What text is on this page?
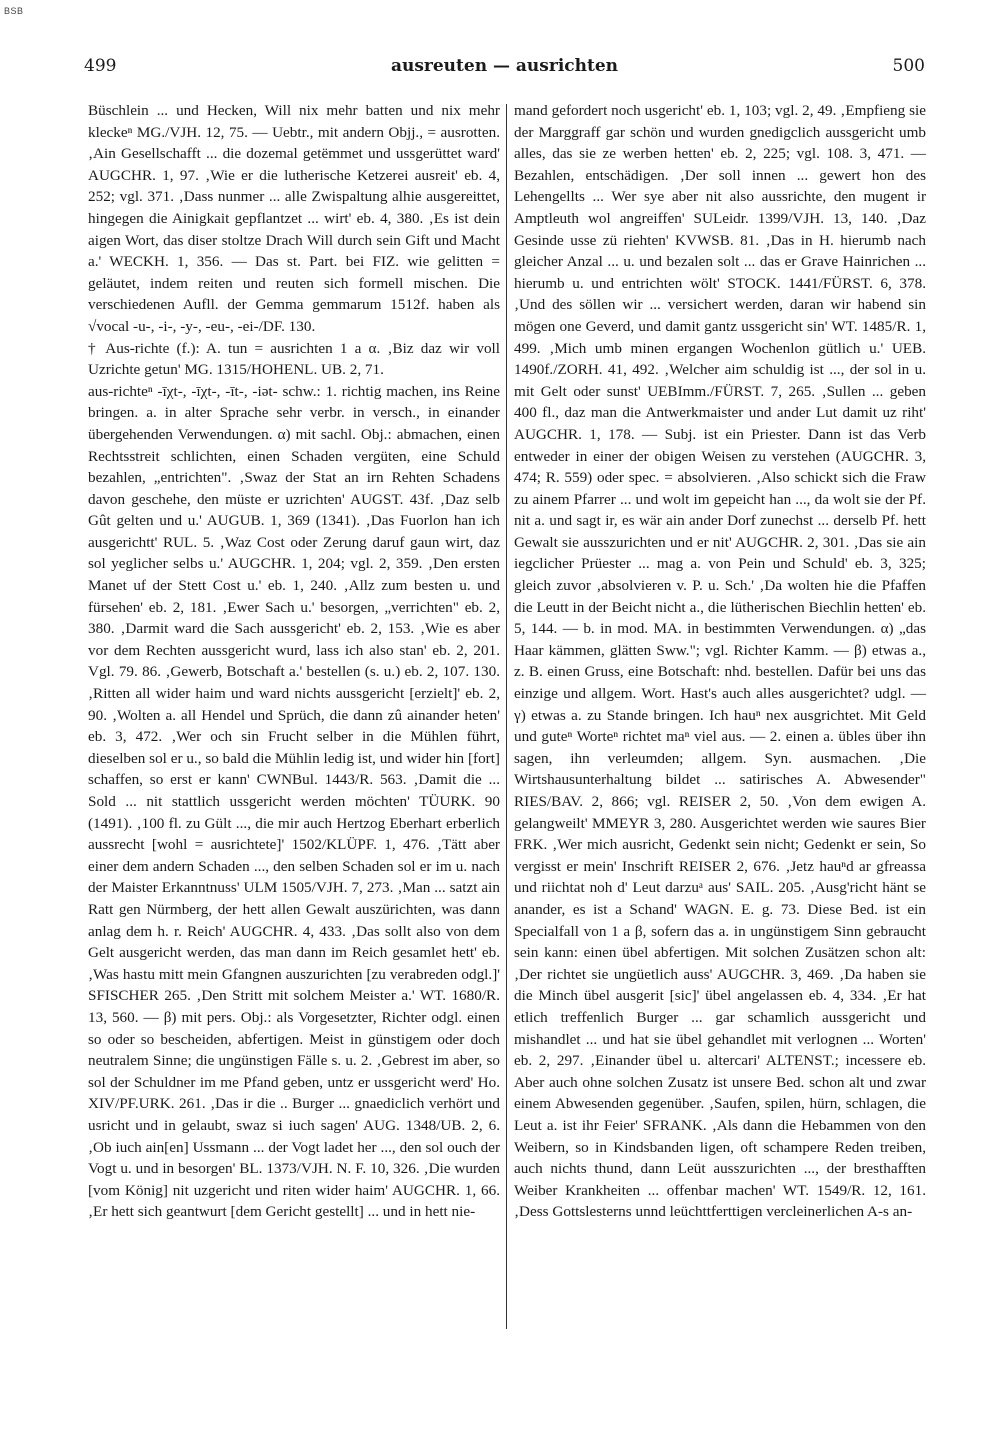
BSB
499	ausreuten — ausrichten	500

Büschlein ... und Hecken, Will nix mehr batten und nix mehr kleckeⁿ MG./VJH. 12, 75. — Uebtr., mit andern Objj., = ausrotten. ‚Ain Gesellschafft ... die dozemal getëmmet und ussgerüttet ward' AUGCHR. 1, 97. ‚Wie er die lutherische Ketzerei ausreit' eb. 4, 252; vgl. 371. ‚Dass nunmer ... alle Zwispaltung alhie ausgereittet, hingegen die Ainigkait gepflantzet ... wirt' eb. 4, 380. ‚Es ist dein aigen Wort, das diser stoltze Drach Will durch sein Gift und Macht a.' WECKH. 1, 356. — Das st. Part. bei FIZ. wie gelitten = geläutet, indem reiten und reuten sich formell mischen. Die verschiedenen Aufll. der Gemma gemmarum 1512f. haben als √vocal -u-, -i-, -y-, -eu-, -ei-/DF. 130.

† Aus-richte (f.): A. tun = ausrichten 1 a α. ‚Biz daz wir voll Uzrichte getun' MG. 1315/HOHENL. UB. 2, 71.

aus-richteⁿ -īχt-, -īχt-, -īt-, -iət- schw.: 1. richtig machen, ins Reine bringen. a. in alter Sprache sehr verbr. in versch., in einander übergehenden Verwendungen. α) mit sachl. Obj.: abmachen, einen Rechtsstreit schlichten, einen Schaden vergüten, eine Schuld bezahlen, „entrichten". ‚Swaz der Stat an irn Rehten Schadens davon geschehe, den müste er uzrichten' AUGST. 43f. ‚Daz selb Gût gelten und u.' AUGUB. 1, 369 (1341). ‚Das Fuorlon han ich ausgerichtt' RUL. 5. ‚Waz Cost oder Zerung daruf gaun wirt, daz sol yeglicher selbs u.' AUGCHR. 1, 204; vgl. 2, 359. ‚Den ersten Manet uf der Stett Cost u.' eb. 1, 240. ‚Allz zum besten u. und fürsehen' eb. 2, 181. ‚Ewer Sach u.' besorgen, „verrichten" eb. 2, 380. ‚Darmit ward die Sach aussgericht' eb. 2, 153. ‚Wie es aber vor dem Rechten aussgericht wurd, lass ich also stan' eb. 2, 201. Vgl. 79. 86. ‚Gewerb, Botschaft a.' bestellen (s. u.) eb. 2, 107. 130. ‚Ritten all wider haim und ward nichts aussgericht [erzielt]' eb. 2, 90. ‚Wolten a. all Hendel und Sprüch, die dann zû ainander heten' eb. 3, 472. ‚Wer och sin Frucht selber in die Mühlen führt, dieselben sol er u., so bald die Mühlin ledig ist, und wider hin [fort] schaffen, so erst er kann' CWNBul. 1443/R. 563. ‚Damit die ... Sold ... nit stattlich ussgericht werden möchten' TÜURK. 90 (1491). ‚100 fl. zu Gült ..., die mir auch Hertzog Eberhart erberlich aussrecht [wohl = ausrichtete]' 1502/KLÜPF. 1, 476. ‚Tätt aber einer dem andern Schaden ..., den selben Schaden sol er im u. nach der Maister Erkanntnuss' ULM 1505/VJH. 7, 273. ‚Man ... satzt ain Ratt gen Nürmberg, der hett allen Gewalt auszürichten, was dann anlag dem h. r. Reich' AUGCHR. 4, 433. ‚Das sollt also von dem Gelt ausgericht werden, das man dann im Reich gesamlet hett' eb. ‚Was hastu mitt mein Gfangnen auszurichten [zu verabreden odgl.]' SFISCHER 265. ‚Den Stritt mit solchem Meister a.' WT. 1680/R. 13, 560. — β) mit pers. Obj.: als Vorgesetzter, Richter odgl. einen so oder so bescheiden, abfertigen. Meist in günstigem oder doch neutralem Sinne; die ungünstigen Fälle s. u. 2. ‚Gebrest im aber, so sol der Schuldner im me Pfand geben, untz er ussgericht werd' Ho. XIV/PF.URK. 261. ‚Das ir die .. Burger ... gnaediclich verhört und usricht und in gelaubt, swaz si iuch sagen' AUG. 1348/UB. 2, 6. ‚Ob iuch ain[en] Ussmann ... der Vogt ladet her ..., den sol ouch der Vogt u. und in besorgen' BL. 1373/VJH. N. F. 10, 326. ‚Die wurden [vom König] nit uzgericht und riten wider haim' AUGCHR. 1, 66. ‚Er hett sich geantwurt [dem Gericht gestellt] ... und in hett nie-

mand gefordert noch usgericht' eb. 1, 103; vgl. 2, 49. ‚Empfieng sie der Marggraff gar schön und wurden gnedigclich aussgericht umb alles, das sie ze werben hetten' eb. 2, 225; vgl. 108. 3, 471. — Bezahlen, entschädigen. ‚Der soll innen ... gewert hon des Lehengellts ... Wer sye aber nit also aussrichte, den mugent ir Amptleuth wol angreiffen' SULeidr. 1399/VJH. 13, 140. ‚Daz Gesinde usse zü riehten' KVWSB. 81. ‚Das in H. hierumb nach gleicher Anzal ... u. und bezalen solt ... das er Grave Hainrichen ... hierumb u. und entrichten wölt' STOCK. 1441/FÜRST. 6, 378. ‚Und des söllen wir ... versichert werden, daran wir habend sin mögen one Geverd, und damit gantz ussgericht sin' WT. 1485/R. 1, 499. ‚Mich umb minen ergangen Wochenlon gütlich u.' UEB. 1490f./ZORH. 41, 492. ‚Welcher aim schuldig ist ..., der sol in u. mit Gelt oder sunst' UEBImm./FÜRST. 7, 265. ‚Sullen ... geben 400 fl., daz man die Antwerkmaister und ander Lut damit uz riht' AUGCHR. 1, 178. — Subj. ist ein Priester. Dann ist das Verb entweder in einer der obigen Weisen zu verstehen (AUGCHR. 3, 474; R. 559) oder spec. = absolvieren. ‚Also schickt sich die Fraw zu ainem Pfarrer ... und wolt im gepeicht han ..., da wolt sie der Pf. nit a. und sagt ir, es wär ain ander Dorf zunechst ... derselb Pf. hett Gewalt sie ausszurichten und er nit' AUGCHR. 2, 301. ‚Das sie ain iegclicher Prüester ... mag a. von Pein und Schuld' eb. 3, 325; gleich zuvor ‚absolvieren v. P. u. Sch.' ‚Da wolten hie die Pfaffen die Leutt in der Beicht nicht a., die lütherischen Biechlin hetten' eb. 5, 144. — b. in mod. MA. in bestimmten Verwendungen. α) „das Haar kämmen, glätten Sww."; vgl. Richter Kamm. — β) etwas a., z. B. einen Gruss, eine Botschaft: nhd. bestellen. Dafür bei uns das einzige und allgem. Wort. Hast's auch alles ausgerichtet? udgl. — γ) etwas a. zu Stande bringen. Ich hauⁿ nex ausgrichtet. Mit Geld und guteⁿ Worteⁿ richtet maⁿ viel aus. — 2. einen a. übles über ihn sagen, ihn verleumden; allgem. Syn. ausmachen. ‚Die Wirtshausunterhaltung bildet ... satirisches A. Abwesender" RIES/BAV. 2, 866; vgl. REISER 2, 50. ‚Von dem ewigen A. gelangweilt' MMEYR 3, 280. Ausgerichtet werden wie saures Bier FRK. ‚Wer mich ausricht, Gedenkt sein nicht; Gedenkt er sein, So vergisst er mein' Inschrift REISER 2, 676. ‚Jetz hauⁿd ar gfreassa und riichtat noh d' Leut darzuᵃ aus' SAIL. 205. ‚Ausg'richt hänt se anander, es ist a Schand' WAGN. E. g. 73. Diese Bed. ist ein Specialfall von 1 a β, sofern das a. in ungünstigem Sinn gebraucht sein kann: einen übel abfertigen. Mit solchen Zusätzen schon alt: ‚Der richtet sie ungüetlich auss' AUGCHR. 3, 469. ‚Da haben sie die Minch übel ausgerit [sic]' übel angelassen eb. 4, 334. ‚Er hat etlich treffenlich Burger ... gar schamlich aussgericht und mishandlet ... und hat sie übel gehandlet mit verlognen ... Worten' eb. 2, 297. ‚Einander übel u. altercari' ALTENST.; incessere eb. Aber auch ohne solchen Zusatz ist unsere Bed. schon alt und zwar einem Abwesenden gegenüber. ‚Saufen, spilen, hürn, schlagen, die Leut a. ist ihr Feier' SFRANK. ‚Als dann die Hebammen von den Weibern, so in Kindsbanden ligen, oft schampere Reden treiben, auch nichts thund, dann Leüt ausszurichten ..., der bresthafften Weiber Krankheiten ... offenbar machen' WT. 1549/R. 12, 161. ‚Dess Gottslesterns unnd leüchttferttigen vercleinerlichen A-s an-
